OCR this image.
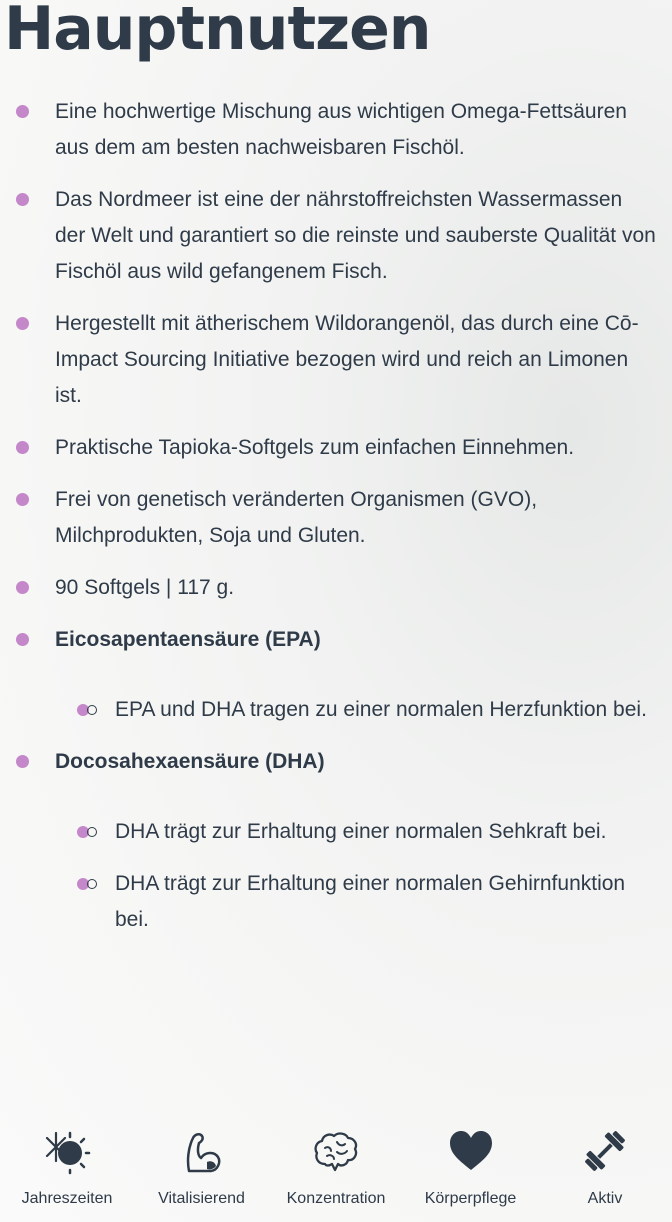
Hauptnutzen
Eine hochwertige Mischung aus wichtigen Omega-Fettsäuren aus dem am besten nachweisbaren Fischöl.
Das Nordmeer ist eine der nährstoffreichsten Wassermassen der Welt und garantiert so die reinste und sauberste Qualität von Fischöl aus wild gefangenem Fisch.
Hergestellt mit ätherischem Wildorangenöl, das durch eine Cō-Impact Sourcing Initiative bezogen wird und reich an Limonen ist.
Praktische Tapioka-Softgels zum einfachen Einnehmen.
Frei von genetisch veränderten Organismen (GVO), Milchprodukten, Soja und Gluten.
90 Softgels | 117 g.
Eicosapentaensäure (EPA)
EPA und DHA tragen zu einer normalen Herzfunktion bei.
Docosahexaensäure (DHA)
DHA trägt zur Erhaltung einer normalen Sehkraft bei.
DHA trägt zur Erhaltung einer normalen Gehirnfunktion bei.
Jahreszeiten	Vitalisierend	Konzentration	Körperpflege	Aktiv
